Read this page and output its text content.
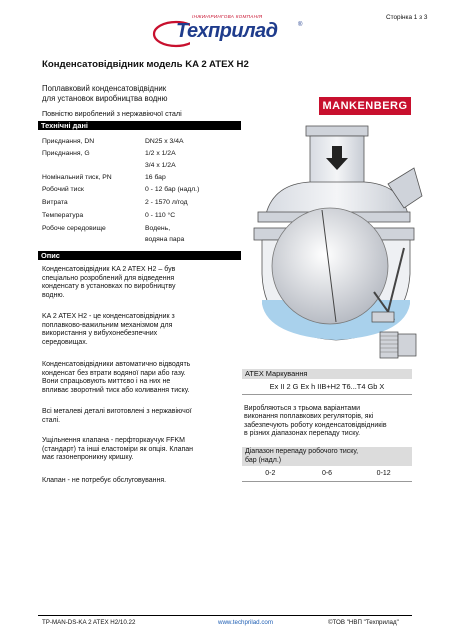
Сторінка 1 з 3
ІНЖИНІРИНГОВА КОМПАНІЯ
Техприлад	®
Конденсатовідвідник модель KA 2 ATEX H2
Поплавковий конденсатовідвідник
для установок виробництва водню
Повністю вироблений з нержавіючої сталі
MANKENBERG
Технічні дані
Приєднання, DN	DN25 x 3/4A
Приєднання, G	1/2 x 1/2A
3/4 x 1/2A
Номінальний тиск, PN	16 бар
Робочий тиск	0 - 12 бар (надл.)
Витрата	2 - 1570 л/год
Температура	0 - 110 °C
Робоче середовище	Водень,
водяна пара
Опис
Конденсатовідвідник KA 2 ATEX H2 – був
спеціально розроблений для відведення
конденсату в установках по виробництву
водню.
KA 2 ATEX H2 - це конденсатовідвідник з
поплавково-важильним механізмом для
використання у вибухонебезпечних
середовищах.
Конденсатовідвідники автоматично відводять
конденсат без втрати водяної пари або газу.
Вони спрацьовують миттєво і на них не
впливає зворотний тиск або коливання тиску.
Всі металеві деталі виготовлені з нержавіючої
сталі.
Ущільнення клапана - перфторкаучук FFKM
(стандарт) та інші еластоміри як опція. Клапан
має газонепроникну кришку.
Клапан - не потребує обслуговування.
ATEX Маркування
Ex II 2 G Ex h IIB+H2 T6...T4 Gb X
Виробляються з трьома варіантами
виконання поплавкових регуляторів, які
забезпечують роботу конденсатовідвідників
в різних діапазонах перепаду тиску.
Діапазон перепаду робочого тиску,
бар (надл.)
0-2	0-6	0-12
TP-MAN-DS-KA 2 ATEX H2/10.22	www.techprilad.com	©ТОВ "НВП "Техприлад"
